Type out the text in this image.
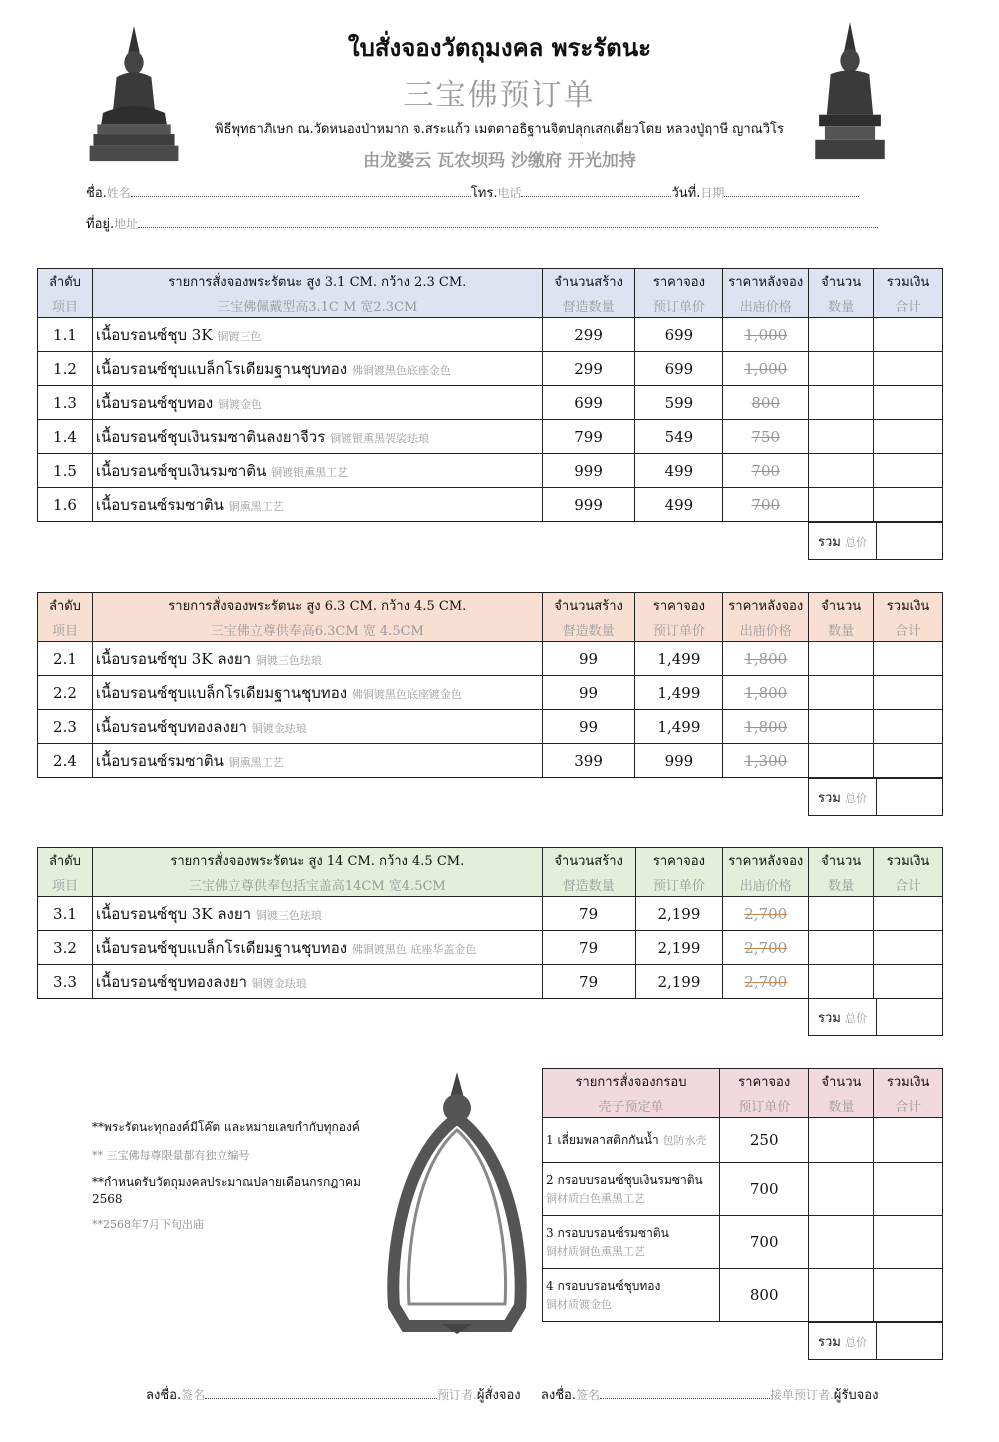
ใบสั่งจองวัตถุมงคล พระรัตนะ
三宝佛预订单
พิธีพุทธาภิเษก ณ.วัดหนองป่าหมาก จ.สระแก้ว เมตตาอธิฐานจิตปลุกเสกเดี่ยวโดย หลวงปู่ฤาษี ญาณวิโร
由龙婆云 瓦农坝玛 沙缴府 开光加持
ชื่อ.姓名	โทร.电话	วันที่.日期
ที่อยู่.地址
ลำดับ	รายการสั่งจองพระรัตนะ สูง 3.1 CM. กว้าง 2.3 CM.	จำนวนสร้าง	ราคาจอง	ราคาหลังจอง	จำนวน	รวมเงิน
项目	三宝佛佩戴型高3.1C M 宽2.3CM	督造数量	预订单价	出庙价格	数量	合计
1.1	เนื้อบรอนซ์ชุบ 3K 铜镀三色	299	699	1,000		
1.2	เนื้อบรอนซ์ชุบแบล็กโรเดียมฐานชุบทอง 佛铜镀黑色底座金色	299	699	1,000		
1.3	เนื้อบรอนซ์ชุบทอง 铜镀金色	699	599	800		
1.4	เนื้อบรอนซ์ชุบเงินรมซาตินลงยาจีวร 铜镀银熏黑袈裟珐琅	799	549	750		
1.5	เนื้อบรอนซ์ชุบเงินรมซาติน 铜镀银熏黑工艺	999	499	700		
1.6	เนื้อบรอนซ์รมซาติน 铜熏黑工艺	999	499	700		
รวม 总价	
ลำดับ	รายการสั่งจองพระรัตนะ สูง 6.3 CM. กว้าง 4.5 CM.	จำนวนสร้าง	ราคาจอง	ราคาหลังจอง	จำนวน	รวมเงิน
项目	三宝佛立尊供奉高6.3CM 宽 4.5CM	督造数量	预订单价	出庙价格	数量	合计
2.1	เนื้อบรอนซ์ชุบ 3K ลงยา 铜镀三色珐琅	99	1,499	1,800		
2.2	เนื้อบรอนซ์ชุบแบล็กโรเดียมฐานชุบทอง 佛铜镀黑色底座镀金色	99	1,499	1,800		
2.3	เนื้อบรอนซ์ชุบทองลงยา 铜镀金珐琅	99	1,499	1,800		
2.4	เนื้อบรอนซ์รมซาติน 铜熏黑工艺	399	999	1,300		
รวม 总价	
ลำดับ	รายการสั่งจองพระรัตนะ สูง 14 CM. กว้าง 4.5 CM.	จำนวนสร้าง	ราคาจอง	ราคาหลังจอง	จำนวน	รวมเงิน
项目	三宝佛立尊供奉包括宝盖高14CM 宽4.5CM	督造数量	预订单价	出庙价格	数量	合计
3.1	เนื้อบรอนซ์ชุบ 3K ลงยา 铜镀三色珐琅	79	2,199	2,700		
3.2	เนื้อบรอนซ์ชุบแบล็กโรเดียมฐานชุบทอง 佛铜镀黑色 底座华盖金色	79	2,199	2,700		
3.3	เนื้อบรอนซ์ชุบทองลงยา 铜镀金珐琅	79	2,199	2,700		
รวม 总价	
**พระรัตนะทุกองค์มีโค๊ต และหมายเลขกำกับทุกองค์
** 三宝佛每尊限量都有独立编号
**กำหนดรับวัตถุมงคลประมาณปลายเดือนกรกฎาคม 2568
**2568年7月下旬出庙
รายการสั่งจองกรอบ	ราคาจอง	จำนวน	รวมเงิน
壳子预定单	预订单价	数量	合计
1 เลี่ยมพลาสติกกันน้ำ 包防水壳	250		
2 กรอบบรอนซ์ชุบเงินรมซาติน
铜材质白色熏黑工艺	700		
3 กรอบบรอนซ์รมซาติน
铜材质铜色熏黑工艺	700		
4 กรอบบรอนซ์ชุบทอง
铜材质镀金色	800		
รวม 总价	
ลงชื่อ.签名	预订者.ผู้สั่งจอง ลงชื่อ.签名	接单预订者.ผู้รับจอง
